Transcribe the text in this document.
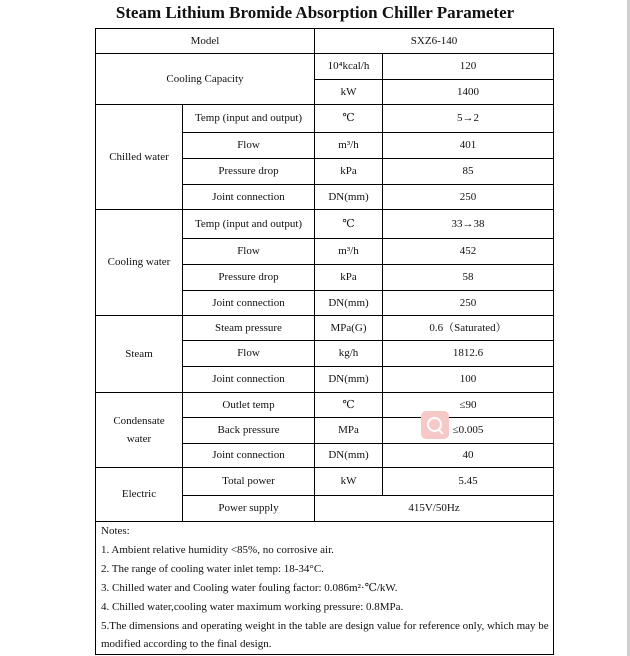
Steam Lithium Bromide Absorption Chiller Parameter
Model		SXZ6-140	
Cooling Capacity		10⁴kcal/h	120
		kW	1400
Chilled water	Temp (input and output)	℃	5→2
	Flow	m³/h	401
	Pressure drop	kPa	85
	Joint connection	DN(mm)	250
Cooling water	Temp (input and output)	℃	33→38
	Flow	m³/h	452
	Pressure drop	kPa	58
	Joint connection	DN(mm)	250
Steam	Steam pressure	MPa(G)	0.6（Saturated）
	Flow	kg/h	1812.6
	Joint connection	DN(mm)	100

Condensate
water	Outlet temp	℃	≤90
	Back pressure	MPa	≤0.005
	Joint connection	DN(mm)	40
Electric	Total power	kW	5.45
	Power supply	415V/50Hz	
Notes:			
1. Ambient relative humidity <85%, no corrosive air.			
2. The range of cooling water inlet temp: 18-34°C.			
3. Chilled water and Cooling water fouling factor: 0.086m²·℃/kW.			
4. Chilled water,cooling water maximum working pressure: 0.8MPa.			
5.The dimensions and operating weight in the table are design value for reference only, which may be			
modified according to the final design.			
